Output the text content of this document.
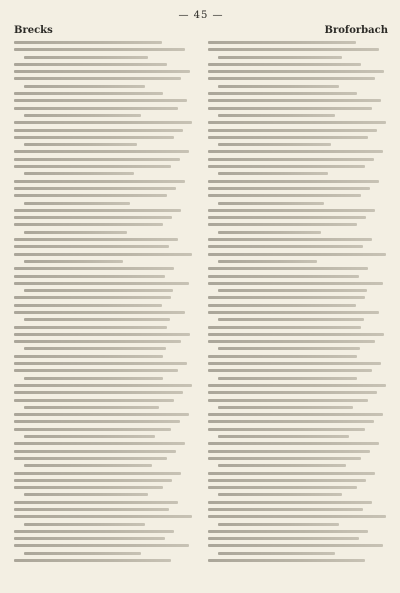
— 45 —
Brecks	Broforbach
